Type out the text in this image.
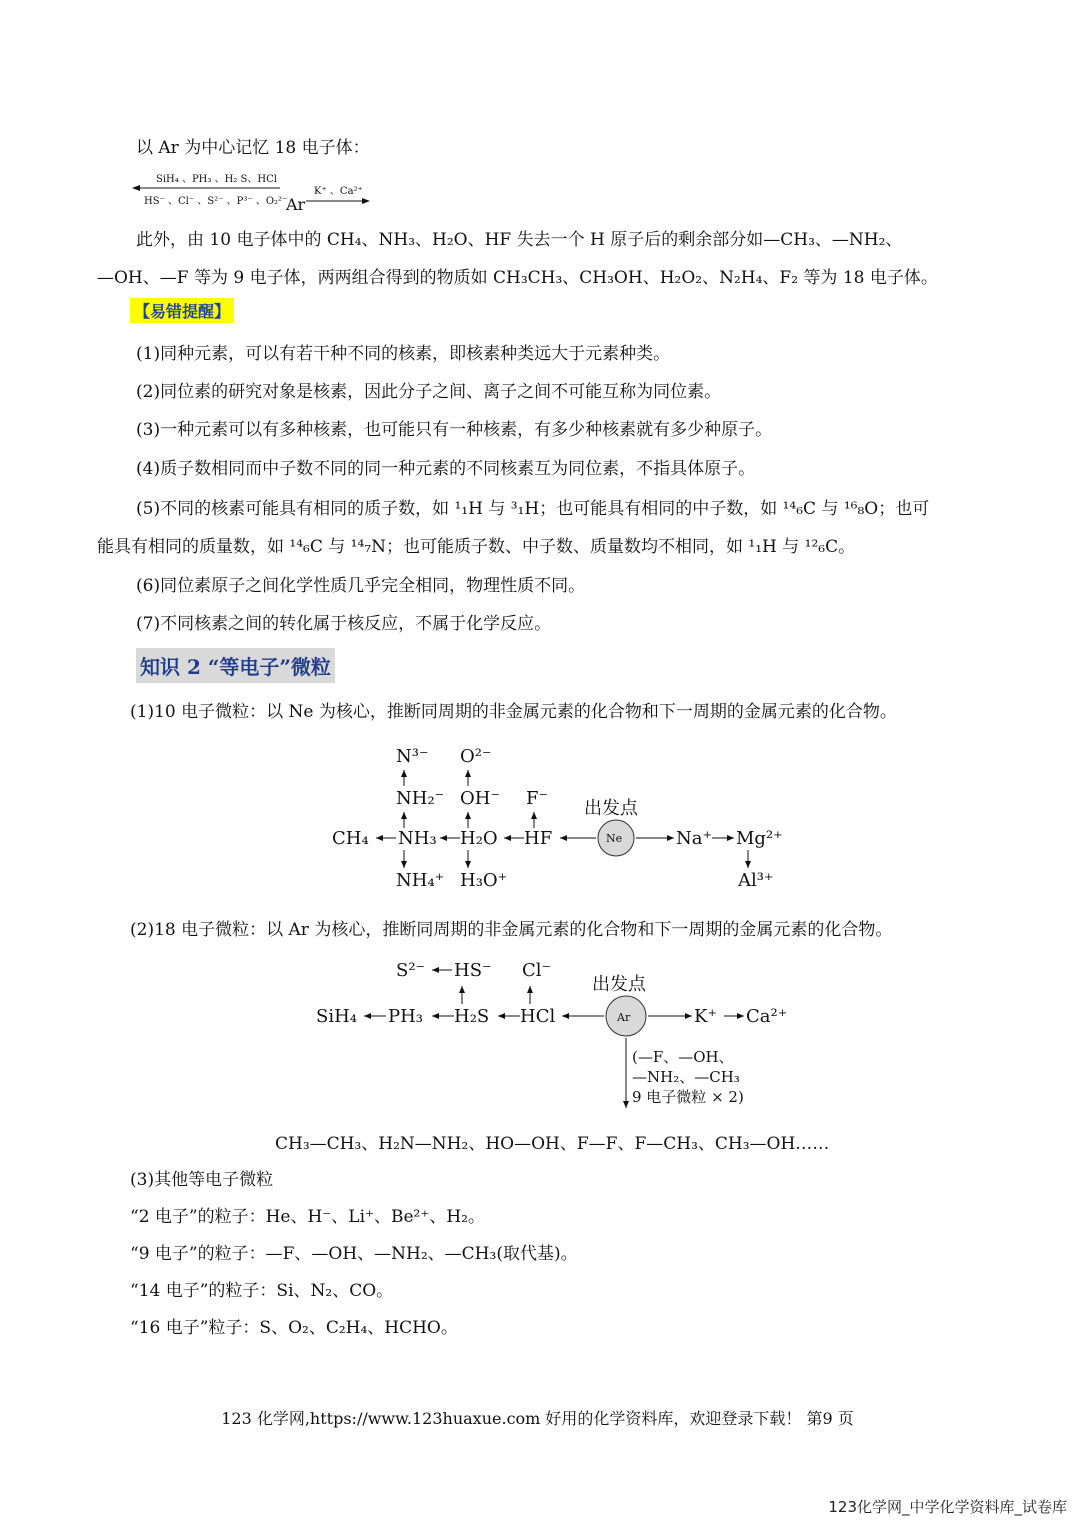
以 Ar 为中心记忆 18 电子体：
SiH₄ 、PH₃ 、H₂ S、HCl
HS⁻ 、Cl⁻ 、S²⁻ 、P³⁻ 、O₂²⁻
Ar
K⁺ 、Ca²⁺
此外，由 10 电子体中的 CH₄、NH₃、H₂O、HF 失去一个 H 原子后的剩余部分如—CH₃、—NH₂、
—OH、—F 等为 9 电子体，两两组合得到的物质如 CH₃CH₃、CH₃OH、H₂O₂、N₂H₄、F₂ 等为 18 电子体。
【易错提醒】
(1)同种元素，可以有若干种不同的核素，即核素种类远大于元素种类。
(2)同位素的研究对象是核素，因此分子之间、离子之间不可能互称为同位素。
(3)一种元素可以有多种核素，也可能只有一种核素，有多少种核素就有多少种原子。
(4)质子数相同而中子数不同的同一种元素的不同核素互为同位素，不指具体原子。
(5)不同的核素可能具有相同的质子数，如 ¹₁H 与 ³₁H；也可能具有相同的中子数，如 ¹⁴₆C 与 ¹⁶₈O；也可
能具有相同的质量数，如 ¹⁴₆C 与 ¹⁴₇N；也可能质子数、中子数、质量数均不相同，如 ¹₁H 与 ¹²₆C。
(6)同位素原子之间化学性质几乎完全相同，物理性质不同。
(7)不同核素之间的转化属于核反应，不属于化学反应。
知识 2 “等电子”微粒
(1)10 电子微粒：以 Ne 为核心，推断同周期的非金属元素的化合物和下一周期的金属元素的化合物。
N³⁻ O²⁻
NH₂⁻ OH⁻ F⁻ 出发点
CH₄ NH₃ H₂O HF	Ne	Na⁺ Mg²⁺
NH₄⁺ H₃O⁺	Al³⁺
(2)18 电子微粒：以 Ar 为核心，推断同周期的非金属元素的化合物和下一周期的金属元素的化合物。
S²⁻ HS⁻ Cl⁻
出发点
SiH₄ PH₃ H₂S HCl	Ar	K⁺ Ca²⁺
(—F、—OH、
—NH₂、—CH₃
9 电子微粒 × 2)
CH₃—CH₃、H₂N—NH₂、HO—OH、F—F、F—CH₃、CH₃—OH……
(3)其他等电子微粒
“2 电子”的粒子：He、H⁻、Li⁺、Be²⁺、H₂。
“9 电子”的粒子：—F、—OH、—NH₂、—CH₃(取代基)。
“14 电子”的粒子：Si、N₂、CO。
“16 电子”粒子：S、O₂、C₂H₄、HCHO。
123 化学网,https://www.123huaxue.com 好用的化学资料库，欢迎登录下载！ 第9 页
123化学网_中学化学资料库_试卷库
